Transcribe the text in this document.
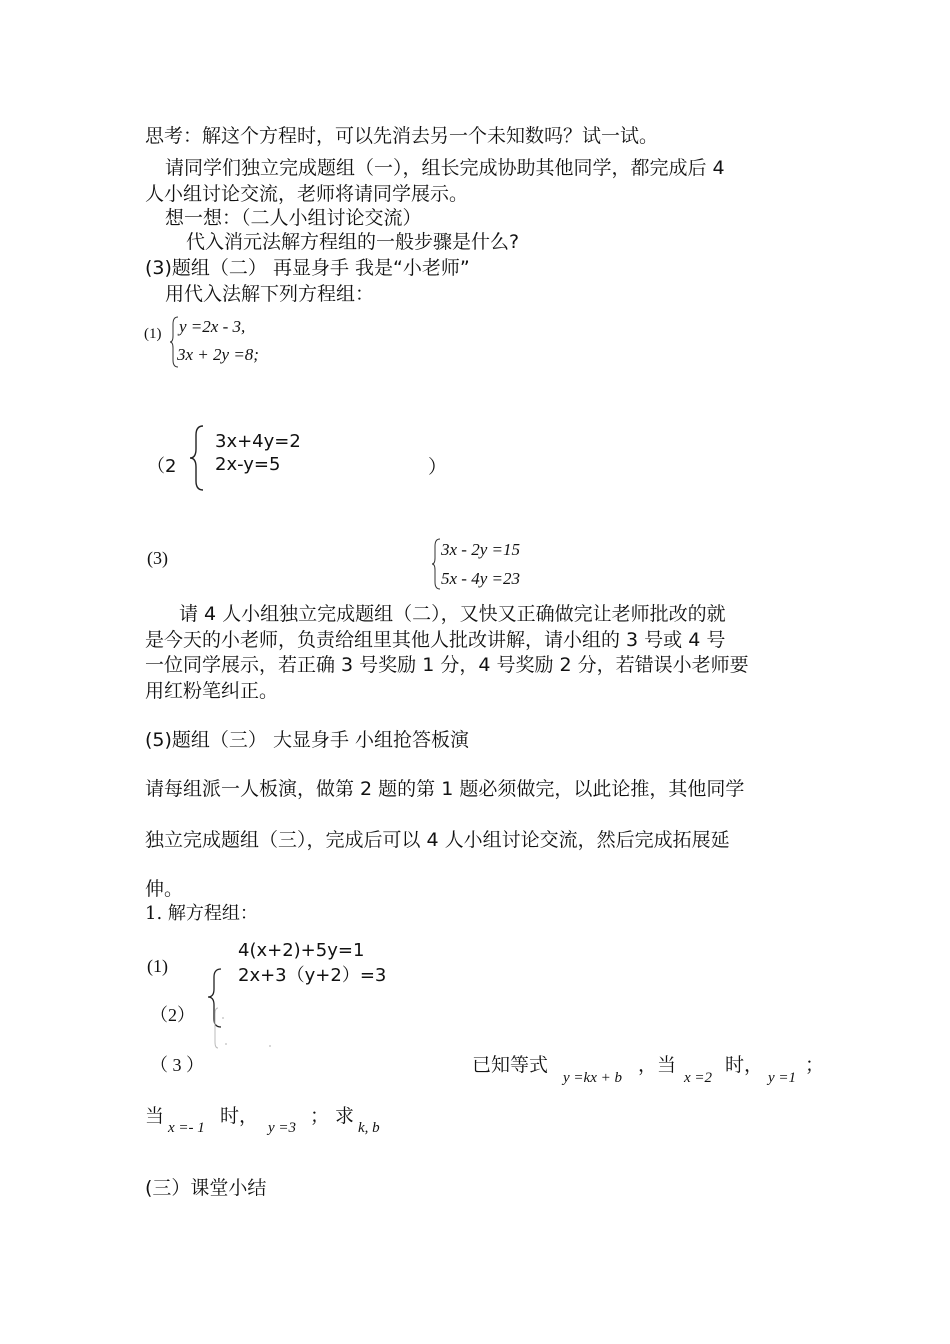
思考：解这个方程时，可以先消去另一个未知数吗？试一试。
请同学们独立完成题组（一），组长完成协助其他同学，都完成后 4
人小组讨论交流，老师将请同学展示。
想一想：（二人小组讨论交流）
代入消元法解方程组的一般步骤是什么?
(3)题组（二） 再显身手 我是“小老师”
用代入法解下列方程组：
(1) y =2x - 3,
3x + 2y =8;
（2
3x+4y=2
2x-y=5	）
(3)	3x - 2y =15
5x - 4y =23
请 4 人小组独立完成题组（二），又快又正确做完让老师批改的就
是今天的小老师，负责给组里其他人批改讲解，请小组的 3 号或 4 号
一位同学展示，若正确 3 号奖励 1 分，4 号奖励 2 分，若错误小老师要
用红粉笔纠正。
(5)题组（三） 大显身手 小组抢答板演
请每组派一人板演，做第 2 题的第 1 题必须做完，以此论推，其他同学
独立完成题组（三），完成后可以 4 人小组讨论交流，然后完成拓展延
伸。
1. 解方程组：
(1)
4(x+2)+5y=1
2x+3（y+2）=3
（2）
（ 3 ）	已知等式
y =kx + b
，当
x =2
时，
y =1
；
当
x =- 1
时，
y =3
； 求
k, b
(三）课堂小结
